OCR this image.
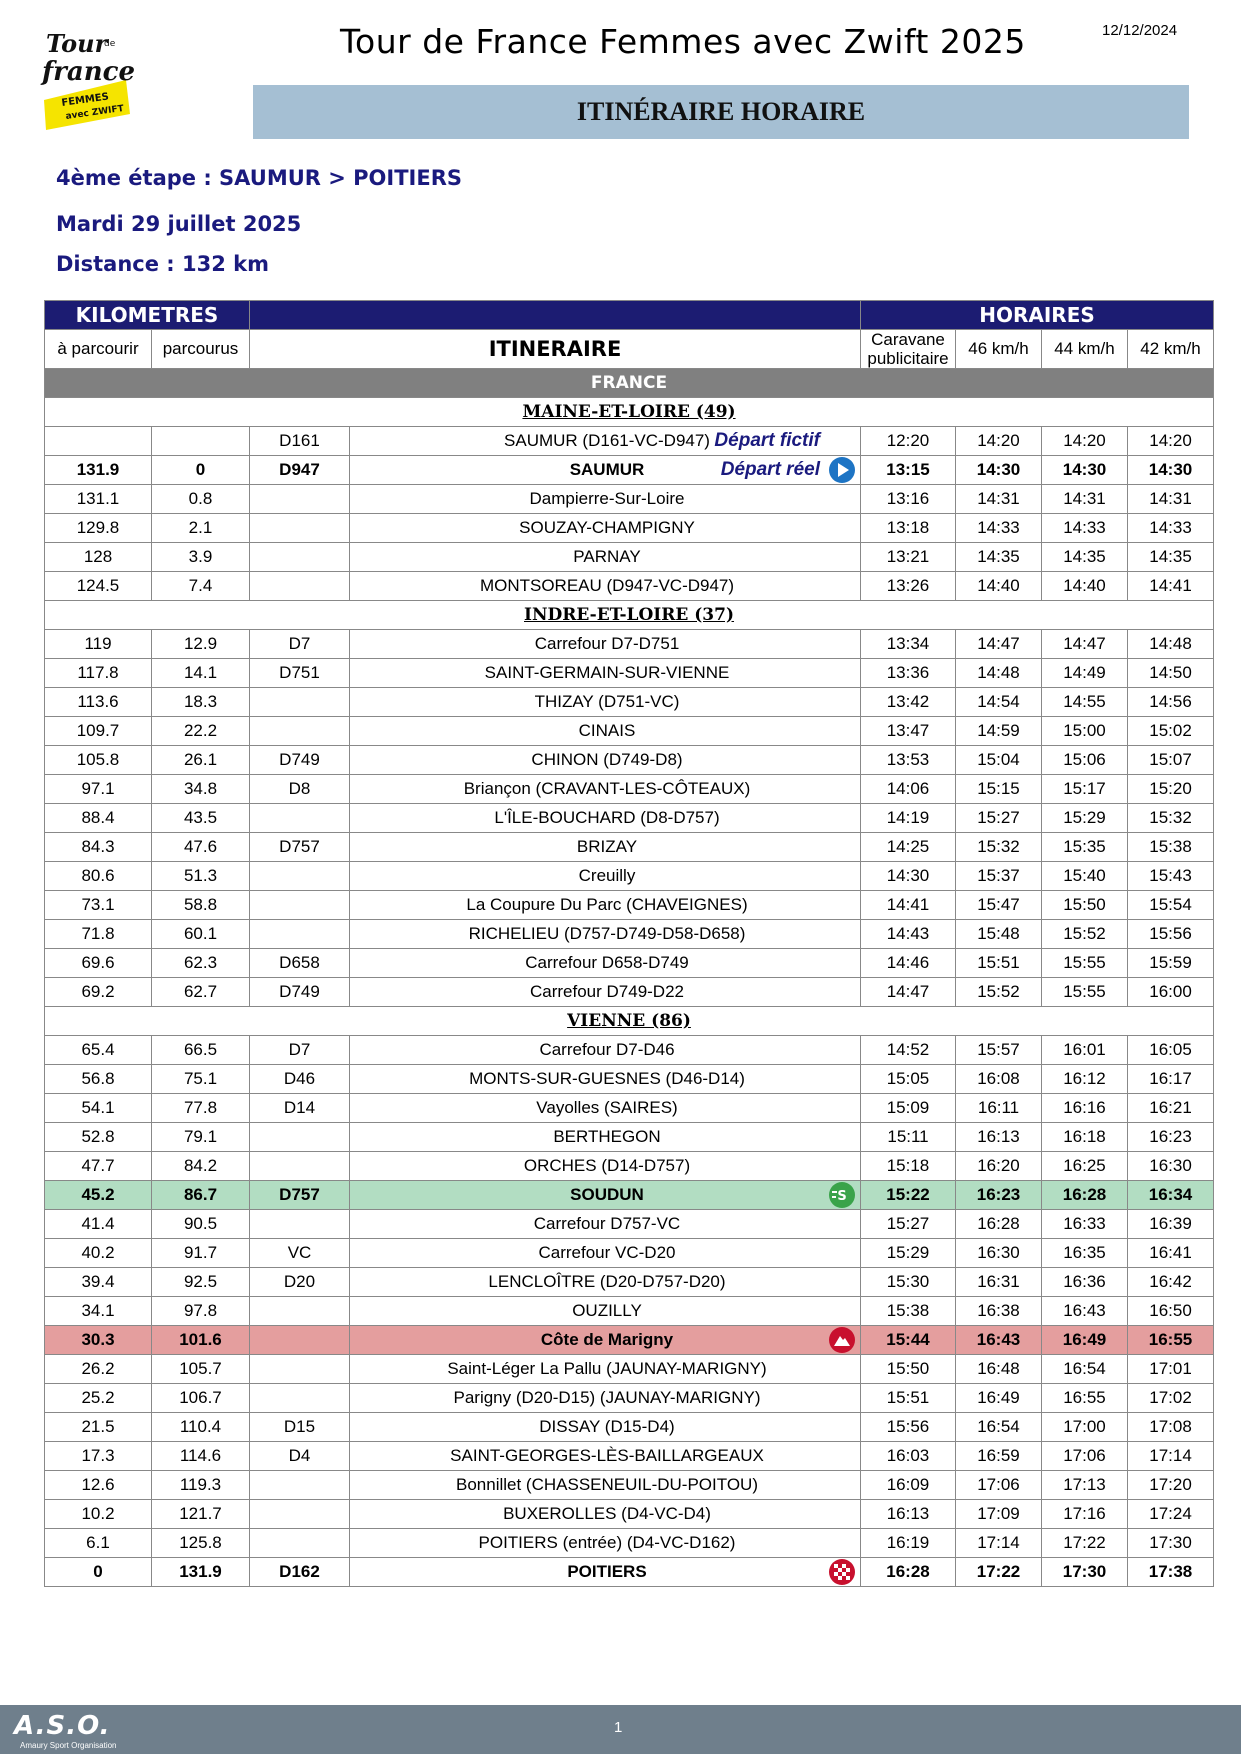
Tour
de
france
FEMMES
avec ZWIFT
Tour de France Femmes avec Zwift 2025	12/12/2024
ITINÉRAIRE HORAIRE
4ème étape : SAUMUR > POITIERS
Mardi 29 juillet 2025
Distance : 132 km
KILOMETRES				HORAIRES			
à parcourir	parcourus	ITINERAIRE		Caravane publicitaire	46 km/h	44 km/h	42 km/h
FRANCE							
MAINE-ET-LOIRE (49)							
		D161	SAUMUR (D161-VC-D947) Départ fictif	12:20	14:20	14:20	14:20
131.9	0	D947	SAUMUR Départ réel	13:15	14:30	14:30	14:30
131.1	0.8		Dampierre-Sur-Loire	13:16	14:31	14:31	14:31
129.8	2.1		SOUZAY-CHAMPIGNY	13:18	14:33	14:33	14:33
128	3.9		PARNAY	13:21	14:35	14:35	14:35
124.5	7.4		MONTSOREAU (D947-VC-D947)	13:26	14:40	14:40	14:41
INDRE-ET-LOIRE (37)							
119	12.9	D7	Carrefour D7-D751	13:34	14:47	14:47	14:48
117.8	14.1	D751	SAINT-GERMAIN-SUR-VIENNE	13:36	14:48	14:49	14:50
113.6	18.3		THIZAY (D751-VC)	13:42	14:54	14:55	14:56
109.7	22.2		CINAIS	13:47	14:59	15:00	15:02
105.8	26.1	D749	CHINON (D749-D8)	13:53	15:04	15:06	15:07
97.1	34.8	D8	Briançon (CRAVANT-LES-CÔTEAUX)	14:06	15:15	15:17	15:20
88.4	43.5		L'ÎLE-BOUCHARD (D8-D757)	14:19	15:27	15:29	15:32
84.3	47.6	D757	BRIZAY	14:25	15:32	15:35	15:38
80.6	51.3		Creuilly	14:30	15:37	15:40	15:43
73.1	58.8		La Coupure Du Parc (CHAVEIGNES)	14:41	15:47	15:50	15:54
71.8	60.1		RICHELIEU (D757-D749-D58-D658)	14:43	15:48	15:52	15:56
69.6	62.3	D658	Carrefour D658-D749	14:46	15:51	15:55	15:59
69.2	62.7	D749	Carrefour D749-D22	14:47	15:52	15:55	16:00
VIENNE (86)							
65.4	66.5	D7	Carrefour D7-D46	14:52	15:57	16:01	16:05
56.8	75.1	D46	MONTS-SUR-GUESNES (D46-D14)	15:05	16:08	16:12	16:17
54.1	77.8	D14	Vayolles (SAIRES)	15:09	16:11	16:16	16:21
52.8	79.1		BERTHEGON	15:11	16:13	16:18	16:23
47.7	84.2		ORCHES (D14-D757)	15:18	16:20	16:25	16:30
45.2	86.7	D757	SOUDUN S	15:22	16:23	16:28	16:34
41.4	90.5		Carrefour D757-VC	15:27	16:28	16:33	16:39
40.2	91.7	VC	Carrefour VC-D20	15:29	16:30	16:35	16:41
39.4	92.5	D20	LENCLOÎTRE (D20-D757-D20)	15:30	16:31	16:36	16:42
34.1	97.8		OUZILLY	15:38	16:38	16:43	16:50
30.3	101.6		Côte de Marigny	15:44	16:43	16:49	16:55
26.2	105.7		Saint-Léger La Pallu (JAUNAY-MARIGNY)	15:50	16:48	16:54	17:01
25.2	106.7		Parigny (D20-D15) (JAUNAY-MARIGNY)	15:51	16:49	16:55	17:02
21.5	110.4	D15	DISSAY (D15-D4)	15:56	16:54	17:00	17:08
17.3	114.6	D4	SAINT-GEORGES-LÈS-BAILLARGEAUX	16:03	16:59	17:06	17:14
12.6	119.3		Bonnillet (CHASSENEUIL-DU-POITOU)	16:09	17:06	17:13	17:20
10.2	121.7		BUXEROLLES (D4-VC-D4)	16:13	17:09	17:16	17:24
6.1	125.8		POITIERS (entrée) (D4-VC-D162)	16:19	17:14	17:22	17:30
0	131.9	D162	POITIERS	16:28	17:22	17:30	17:38
A.S.O.
Amaury Sport Organisation
1
